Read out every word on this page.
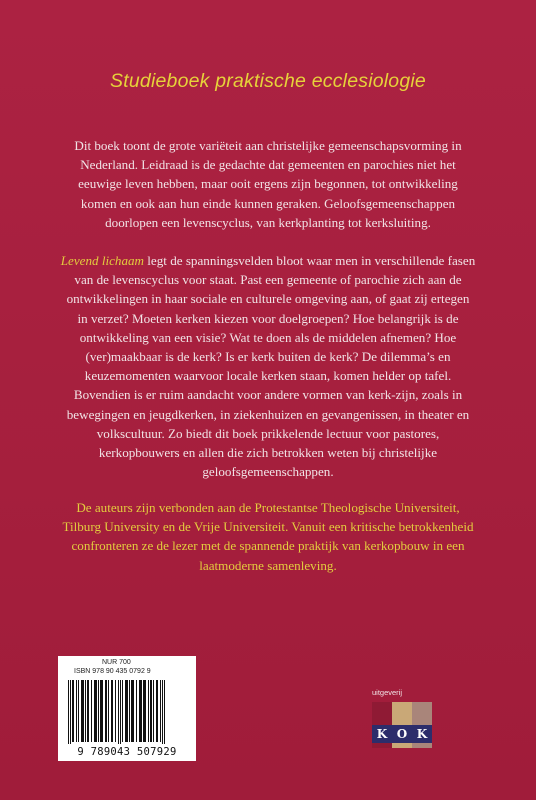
Studieboek praktische ecclesiologie

Dit boek toont de grote variëteit aan christelijke gemeenschapsvorming in Nederland. Leidraad is de gedachte dat gemeenten en parochies niet het eeuwige leven hebben, maar ooit ergens zijn begonnen, tot ontwikkeling komen en ook aan hun einde kunnen geraken. Geloofsgemeenschappen doorlopen een levenscyclus, van kerkplanting tot kerksluiting.

Levend lichaam legt de spanningsvelden bloot waar men in verschillende fasen van de levenscyclus voor staat. Past een gemeente of parochie zich aan de ontwikkelingen in haar sociale en culturele omgeving aan, of gaat zij ertegen in verzet? Moeten kerken kiezen voor doelgroepen? Hoe belangrijk is de ontwikkeling van een visie? Wat te doen als de middelen afnemen? Hoe (ver)maakbaar is de kerk? Is er kerk buiten de kerk? De dilemma’s en keuzemomenten waarvoor locale kerken staan, komen helder op tafel. Bovendien is er ruim aandacht voor andere vormen van kerk-zijn, zoals in bewegingen en jeugdkerken, in ziekenhuizen en gevangenissen, in theater en volkscultuur. Zo biedt dit boek prikkelende lectuur voor pastores, kerkopbouwers en allen die zich betrokken weten bij christelijke geloofsgemeenschappen.

De auteurs zijn verbonden aan de Protestantse Theologische Universiteit, Tilburg University en de Vrije Universiteit. Vanuit een kritische betrokkenheid confronteren ze de lezer met de spannende praktijk van kerkopbouw in een laatmoderne samenleving.

NUR 700
ISBN 978 90 435 0792 9
9 789043 507929
uitgeverij
K O K
